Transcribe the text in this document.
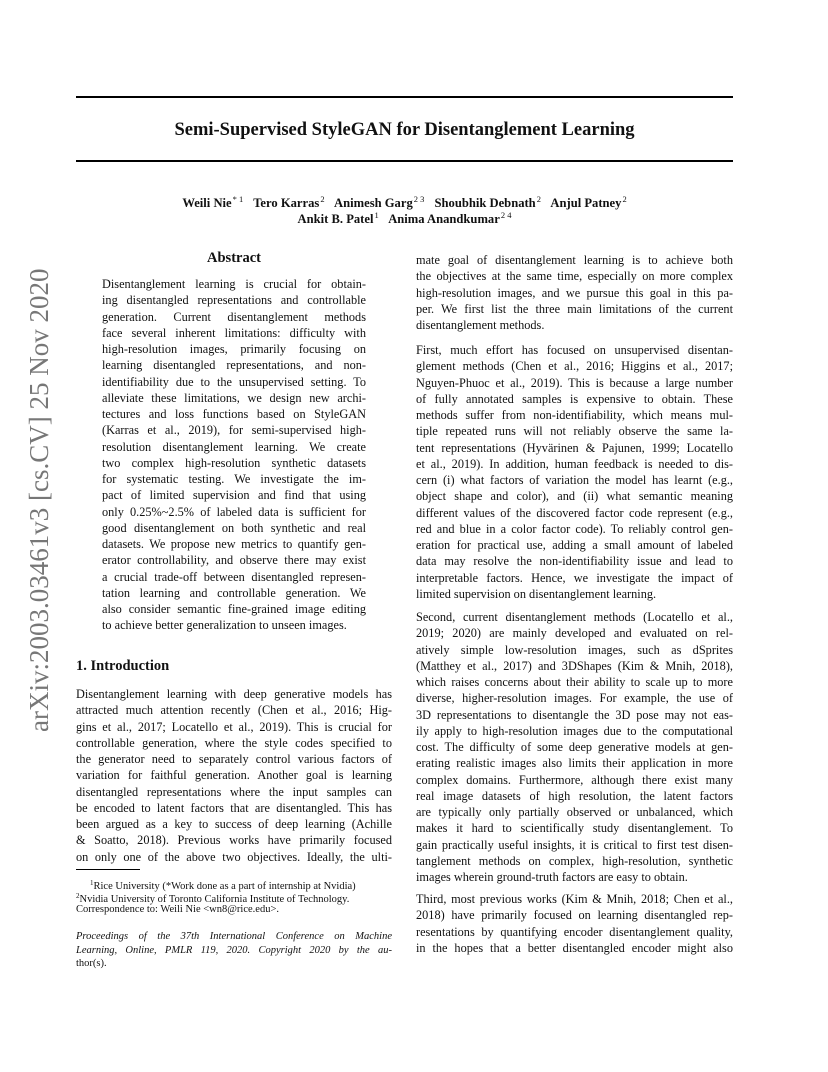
arXiv:2003.03461v3 [cs.CV] 25 Nov 2020
Semi-Supervised StyleGAN for Disentanglement Learning
Weili Nie$^{* 1}$ Tero Karras$^2$ Animesh Garg$^{2 3}$ Shoubhik Debnath$^2$ Anjul Patney$^2$
Ankit B. Patel$^1$ Anima Anandkumar$^{2 4}$
Abstract
Disentanglement learning is crucial for obtain-
ing disentangled representations and controllable
generation. Current disentanglement methods
face several inherent limitations: difficulty with
high-resolution images, primarily focusing on
learning disentangled representations, and non-
identifiability due to the unsupervised setting. To
alleviate these limitations, we design new archi-
tectures and loss functions based on StyleGAN
(Karras et al., 2019), for semi-supervised high-
resolution disentanglement learning. We create
two complex high-resolution synthetic datasets
for systematic testing. We investigate the im-
pact of limited supervision and find that using
only 0.25%~2.5% of labeled data is sufficient for
good disentanglement on both synthetic and real
datasets. We propose new metrics to quantify gen-
erator controllability, and observe there may exist
a crucial trade-off between disentangled represen-
tation learning and controllable generation. We
also consider semantic fine-grained image editing
to achieve better generalization to unseen images.
1. Introduction
Disentanglement learning with deep generative models has
attracted much attention recently (Chen et al., 2016; Hig-
gins et al., 2017; Locatello et al., 2019). This is crucial for
controllable generation, where the style codes specified to
the generator need to separately control various factors of
variation for faithful generation. Another goal is learning
disentangled representations where the input samples can
be encoded to latent factors that are disentangled. This has
been argued as a key to success of deep learning (Achille
& Soatto, 2018). Previous works have primarily focused
on only one of the above two objectives. Ideally, the ulti-
$^1$Rice University (*Work done as a part of internship at Nvidia)
$^2$Nvidia University of Toronto California Institute of Technology.
Correspondence to: Weili Nie <wn8@rice.edu>.
Proceedings of the 37th International Conference on Machine
Learning, Online, PMLR 119, 2020. Copyright 2020 by the au-
thor(s).
mate goal of disentanglement learning is to achieve both
the objectives at the same time, especially on more complex
high-resolution images, and we pursue this goal in this pa-
per. We first list the three main limitations of the current
disentanglement methods.
First, much effort has focused on unsupervised disentan-
glement methods (Chen et al., 2016; Higgins et al., 2017;
Nguyen-Phuoc et al., 2019). This is because a large number
of fully annotated samples is expensive to obtain. These
methods suffer from non-identifiability, which means mul-
tiple repeated runs will not reliably observe the same la-
tent representations (Hyvärinen & Pajunen, 1999; Locatello
et al., 2019). In addition, human feedback is needed to dis-
cern (i) what factors of variation the model has learnt (e.g.,
object shape and color), and (ii) what semantic meaning
different values of the discovered factor code represent (e.g.,
red and blue in a color factor code). To reliably control gen-
eration for practical use, adding a small amount of labeled
data may resolve the non-identifiability issue and lead to
interpretable factors. Hence, we investigate the impact of
limited supervision on disentanglement learning.
Second, current disentanglement methods (Locatello et al.,
2019; 2020) are mainly developed and evaluated on rel-
atively simple low-resolution images, such as dSprites
(Matthey et al., 2017) and 3DShapes (Kim & Mnih, 2018),
which raises concerns about their ability to scale up to more
diverse, higher-resolution images. For example, the use of
3D representations to disentangle the 3D pose may not eas-
ily apply to high-resolution images due to the computational
cost. The difficulty of some deep generative models at gen-
erating realistic images also limits their application in more
complex domains. Furthermore, although there exist many
real image datasets of high resolution, the latent factors
are typically only partially observed or unbalanced, which
makes it hard to scientifically study disentanglement. To
gain practically useful insights, it is critical to first test disen-
tanglement methods on complex, high-resolution, synthetic
images wherein ground-truth factors are easy to obtain.
Third, most previous works (Kim & Mnih, 2018; Chen et al.,
2018) have primarily focused on learning disentangled rep-
resentations by quantifying encoder disentanglement quality,
in the hopes that a better disentangled encoder might also
